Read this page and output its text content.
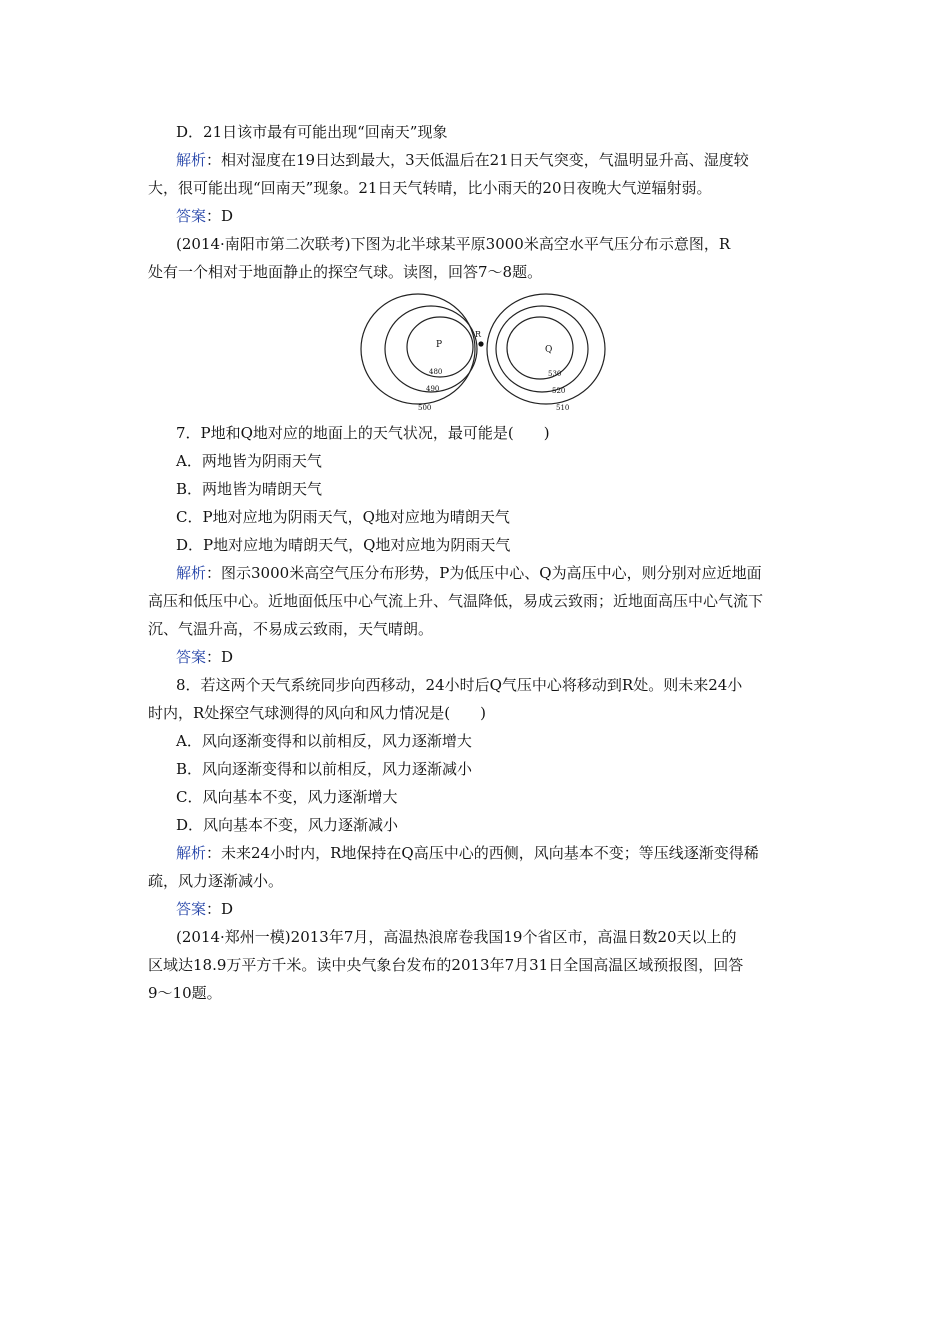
D．21日该市最有可能出现“回南天”现象
解析：相对湿度在19日达到最大，3天低温后在21日天气突变，气温明显升高、湿度较
大，很可能出现“回南天”现象。21日天气转晴，比小雨天的20日夜晚大气逆辐射弱。
答案：D
(2014·南阳市第二次联考)下图为北半球某平原3000米高空水平气压分布示意图，R
处有一个相对于地面静止的探空气球。读图，回答7～8题。
P
480
490
500
R
Q
530
520
510
7．P地和Q地对应的地面上的天气状况，最可能是(　　)
A．两地皆为阴雨天气
B．两地皆为晴朗天气
C．P地对应地为阴雨天气，Q地对应地为晴朗天气
D．P地对应地为晴朗天气，Q地对应地为阴雨天气
解析：图示3000米高空气压分布形势，P为低压中心、Q为高压中心，则分别对应近地面
高压和低压中心。近地面低压中心气流上升、气温降低，易成云致雨；近地面高压中心气流下
沉、气温升高，不易成云致雨，天气晴朗。
答案：D
8．若这两个天气系统同步向西移动，24小时后Q气压中心将移动到R处。则未来24小
时内，R处探空气球测得的风向和风力情况是(　　)
A．风向逐渐变得和以前相反，风力逐渐增大
B．风向逐渐变得和以前相反，风力逐渐减小
C．风向基本不变，风力逐渐增大
D．风向基本不变，风力逐渐减小
解析：未来24小时内，R地保持在Q高压中心的西侧，风向基本不变；等压线逐渐变得稀
疏，风力逐渐减小。
答案：D
(2014·郑州一模)2013年7月，高温热浪席卷我国19个省区市，高温日数20天以上的
区域达18.9万平方千米。读中央气象台发布的2013年7月31日全国高温区域预报图，回答
9～10题。
